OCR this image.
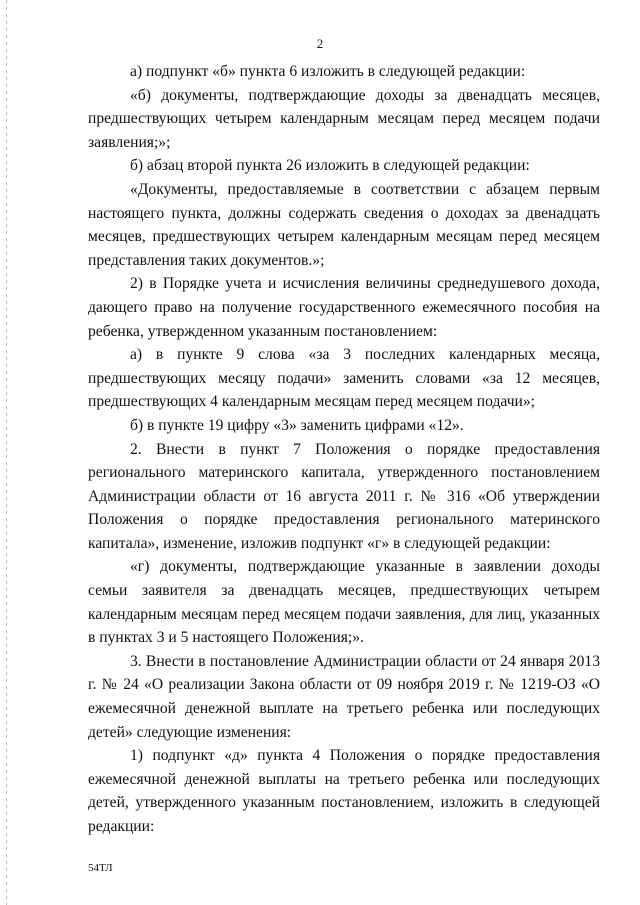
2

а) подпункт «б» пункта 6 изложить в следующей редакции:

«б) документы, подтверждающие доходы за двенадцать месяцев, предшествующих четырем календарным месяцам перед месяцем подачи заявления;»;

б) абзац второй пункта 26 изложить в следующей редакции:

«Документы, предоставляемые в соответствии с абзацем первым настоящего пункта, должны содержать сведения о доходах за двенадцать месяцев, предшествующих четырем календарным месяцам перед месяцем представления таких документов.»;

2) в Порядке учета и исчисления величины среднедушевого дохода, дающего право на получение государственного ежемесячного пособия на ребенка, утвержденном указанным постановлением:

а) в пункте 9 слова «за 3 последних календарных месяца, предшествующих месяцу подачи» заменить словами «за 12 месяцев, предшествующих 4 календарным месяцам перед месяцем подачи»;

б) в пункте 19 цифру «3» заменить цифрами «12».

2. Внести в пункт 7 Положения о порядке предоставления регионального материнского капитала, утвержденного постановлением Администрации области от 16 августа 2011 г. № 316 «Об утверждении Положения о порядке предоставления регионального материнского капитала», изменение, изложив подпункт «г» в следующей редакции:

«г) документы, подтверждающие указанные в заявлении доходы семьи заявителя за двенадцать месяцев, предшествующих четырем календарным месяцам перед месяцем подачи заявления, для лиц, указанных в пунктах 3 и 5 настоящего Положения;».

3. Внести в постановление Администрации области от 24 января 2013 г. № 24 «О реализации Закона области от 09 ноября 2019 г. № 1219-ОЗ «О ежемесячной денежной выплате на третьего ребенка или последующих детей» следующие изменения:

1) подпункт «д» пункта 4 Положения о порядке предоставления ежемесячной денежной выплаты на третьего ребенка или последующих детей, утвержденного указанным постановлением, изложить в следующей редакции:

54ТЛ
